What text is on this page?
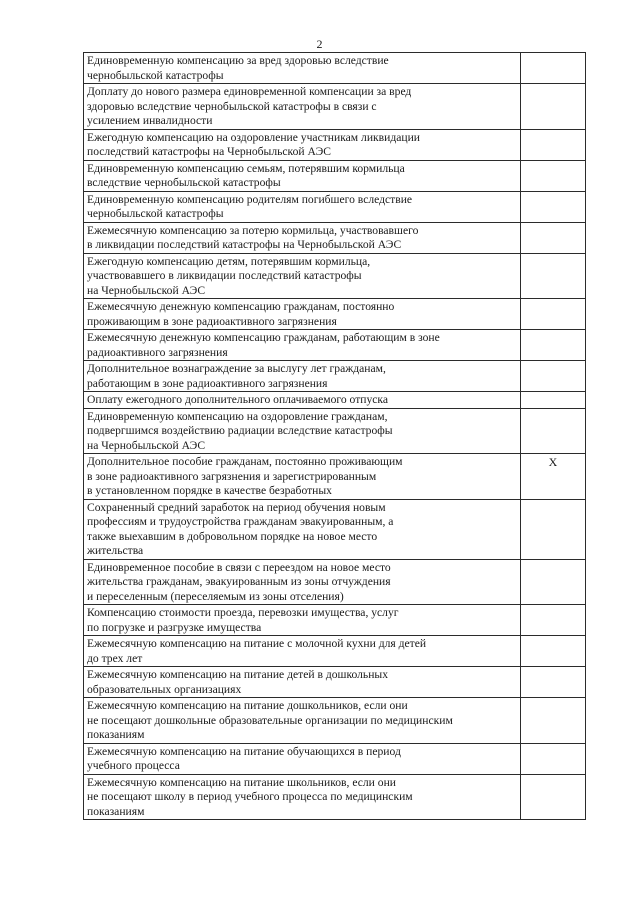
2
Единовременную компенсацию за вред здоровью вследствие
чернобыльской катастрофы	
Доплату до нового размера единовременной компенсации за вред
здоровью вследствие чернобыльской катастрофы в связи с
усилением инвалидности	
Ежегодную компенсацию на оздоровление участникам ликвидации
последствий катастрофы на Чернобыльской АЭС	
Единовременную компенсацию семьям, потерявшим кормильца
вследствие чернобыльской катастрофы	
Единовременную компенсацию родителям погибшего вследствие
чернобыльской катастрофы	
Ежемесячную компенсацию за потерю кормильца, участвовавшего
в ликвидации последствий катастрофы на Чернобыльской АЭС	
Ежегодную компенсацию детям, потерявшим кормильца,
участвовавшего в ликвидации последствий катастрофы
на Чернобыльской АЭС	
Ежемесячную денежную компенсацию гражданам, постоянно
проживающим в зоне радиоактивного загрязнения	
Ежемесячную денежную компенсацию гражданам, работающим в зоне
радиоактивного загрязнения	
Дополнительное вознаграждение за выслугу лет гражданам,
работающим в зоне радиоактивного загрязнения	
Оплату ежегодного дополнительного оплачиваемого отпуска	
Единовременную компенсацию на оздоровление гражданам,
подвергшимся воздействию радиации вследствие катастрофы
на Чернобыльской АЭС	
Дополнительное пособие гражданам, постоянно проживающим
в зоне радиоактивного загрязнения и зарегистрированным
в установленном порядке в качестве безработных	Х
Сохраненный средний заработок на период обучения новым
профессиям и трудоустройства гражданам эвакуированным, а
также выехавшим в добровольном порядке на новое место
жительства	
Единовременное пособие в связи с переездом на новое место
жительства гражданам, эвакуированным из зоны отчуждения
и переселенным (переселяемым из зоны отселения)	
Компенсацию стоимости проезда, перевозки имущества, услуг
по погрузке и разгрузке имущества	
Ежемесячную компенсацию на питание с молочной кухни для детей
до трех лет	
Ежемесячную компенсацию на питание детей в дошкольных
образовательных организациях	
Ежемесячную компенсацию на питание дошкольников, если они
не посещают дошкольные образовательные организации по медицинским
показаниям	
Ежемесячную компенсацию на питание обучающихся в период
учебного процесса	
Ежемесячную компенсацию на питание школьников, если они
не посещают школу в период учебного процесса по медицинским
показаниям	
